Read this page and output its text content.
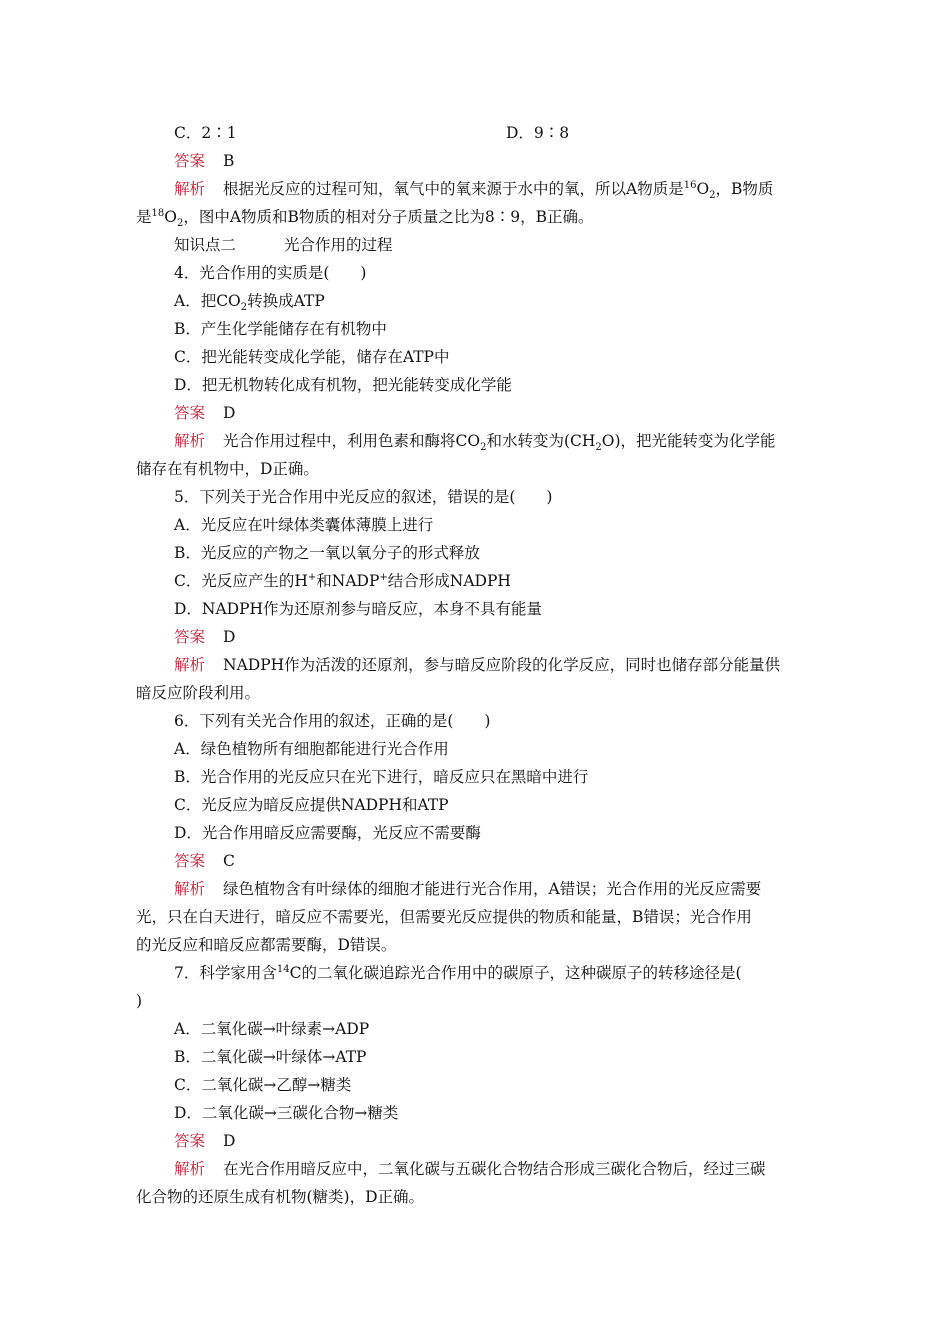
C．2∶1	D．9∶8
答案 B
解析 根据光反应的过程可知，氧气中的氧来源于水中的氧，所以A物质是$^{16}O_2$，B物质
是$^{18}O_2$，图中A物质和B物质的相对分子质量之比为8∶9，B正确。
知识点二	光合作用的过程
4．光合作用的实质是(　　)
A．把$CO_2$转换成ATP
B．产生化学能储存在有机物中
C．把光能转变成化学能，储存在ATP中
D．把无机物转化成有机物，把光能转变成化学能
答案 D
解析 光合作用过程中，利用色素和酶将$CO_2$和水转变为$(CH_2O)$，把光能转变为化学能
储存在有机物中，D正确。
5．下列关于光合作用中光反应的叙述，错误的是(　　)
A．光反应在叶绿体类囊体薄膜上进行
B．光反应的产物之一氧以氧分子的形式释放
C．光反应产生的H+和NADP+结合形成NADPH
D．NADPH作为还原剂参与暗反应，本身不具有能量
答案 D
解析 NADPH作为活泼的还原剂，参与暗反应阶段的化学反应，同时也储存部分能量供
暗反应阶段利用。
6．下列有关光合作用的叙述，正确的是(　　)
A．绿色植物所有细胞都能进行光合作用
B．光合作用的光反应只在光下进行，暗反应只在黑暗中进行
C．光反应为暗反应提供NADPH和ATP
D．光合作用暗反应需要酶，光反应不需要酶
答案 C
解析 绿色植物含有叶绿体的细胞才能进行光合作用，A错误；光合作用的光反应需要
光，只在白天进行，暗反应不需要光，但需要光反应提供的物质和能量，B错误；光合作用
的光反应和暗反应都需要酶，D错误。
7．科学家用含$^{14}$C的二氧化碳追踪光合作用中的碳原子，这种碳原子的转移途径是(
)
A．二氧化碳→叶绿素→ADP
B．二氧化碳→叶绿体→ATP
C．二氧化碳→乙醇→糖类
D．二氧化碳→三碳化合物→糖类
答案 D
解析 在光合作用暗反应中，二氧化碳与五碳化合物结合形成三碳化合物后，经过三碳
化合物的还原生成有机物(糖类)，D正确。
